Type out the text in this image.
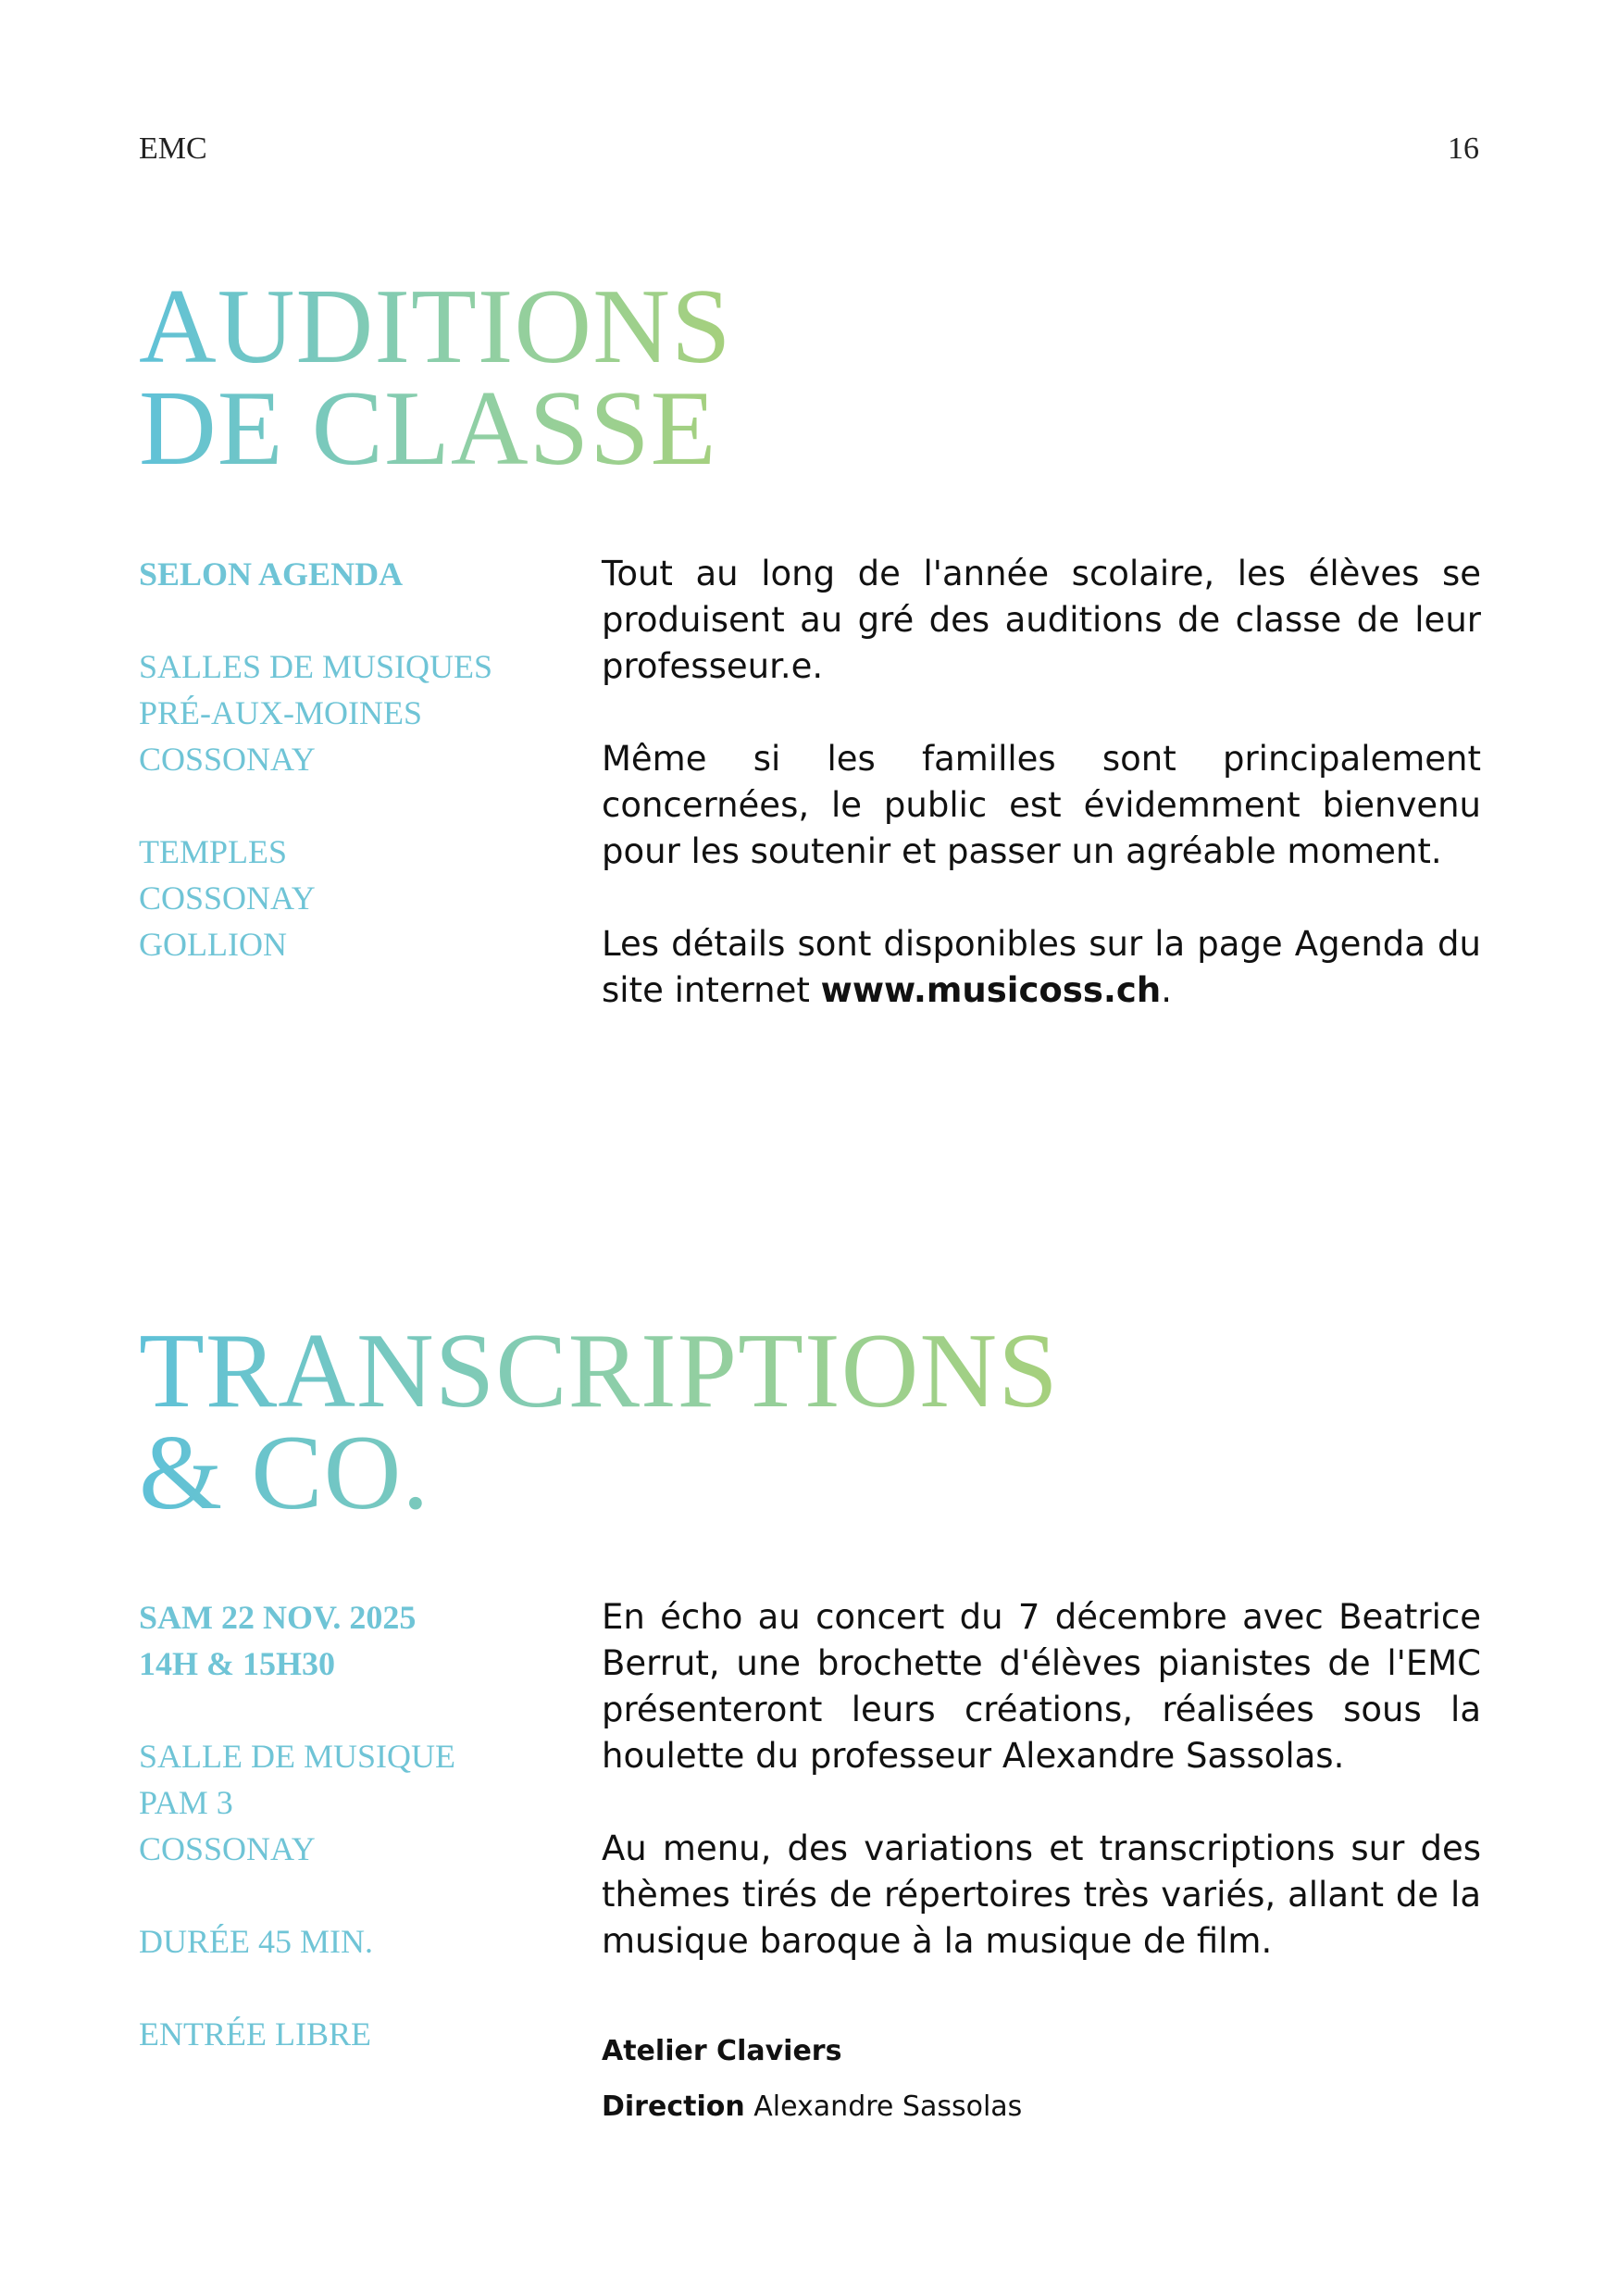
EMC	16
AUDITIONS
DE CLASSE
SELON AGENDA
SALLES DE MUSIQUES
PRÉ-AUX-MOINES
COSSONAY
TEMPLES
COSSONAY
GOLLION

Tout au long de l'année scolaire, les élèves se produisent au gré des auditions de classe de leur professeur.e.

Même si les familles sont principalement concernées, le public est évidemment bienvenu pour les soutenir et passer un agréable moment.

Les détails sont disponibles sur la page Agenda du site internet www.musicoss.ch.

TRANSCRIPTIONS
& CO.
SAM 22 NOV. 2025
14H & 15H30
SALLE DE MUSIQUE
PAM 3
COSSONAY
DURÉE 45 MIN.
ENTRÉE LIBRE

En écho au concert du 7 décembre avec Beatrice Berrut, une brochette d'élèves pianistes de l'EMC présenteront leurs créations, réalisées sous la houlette du professeur Alexandre Sassolas.

Au menu, des variations et transcriptions sur des thèmes tirés de répertoires très variés, allant de la musique baroque à la musique de film.

Atelier Claviers
Direction Alexandre Sassolas
